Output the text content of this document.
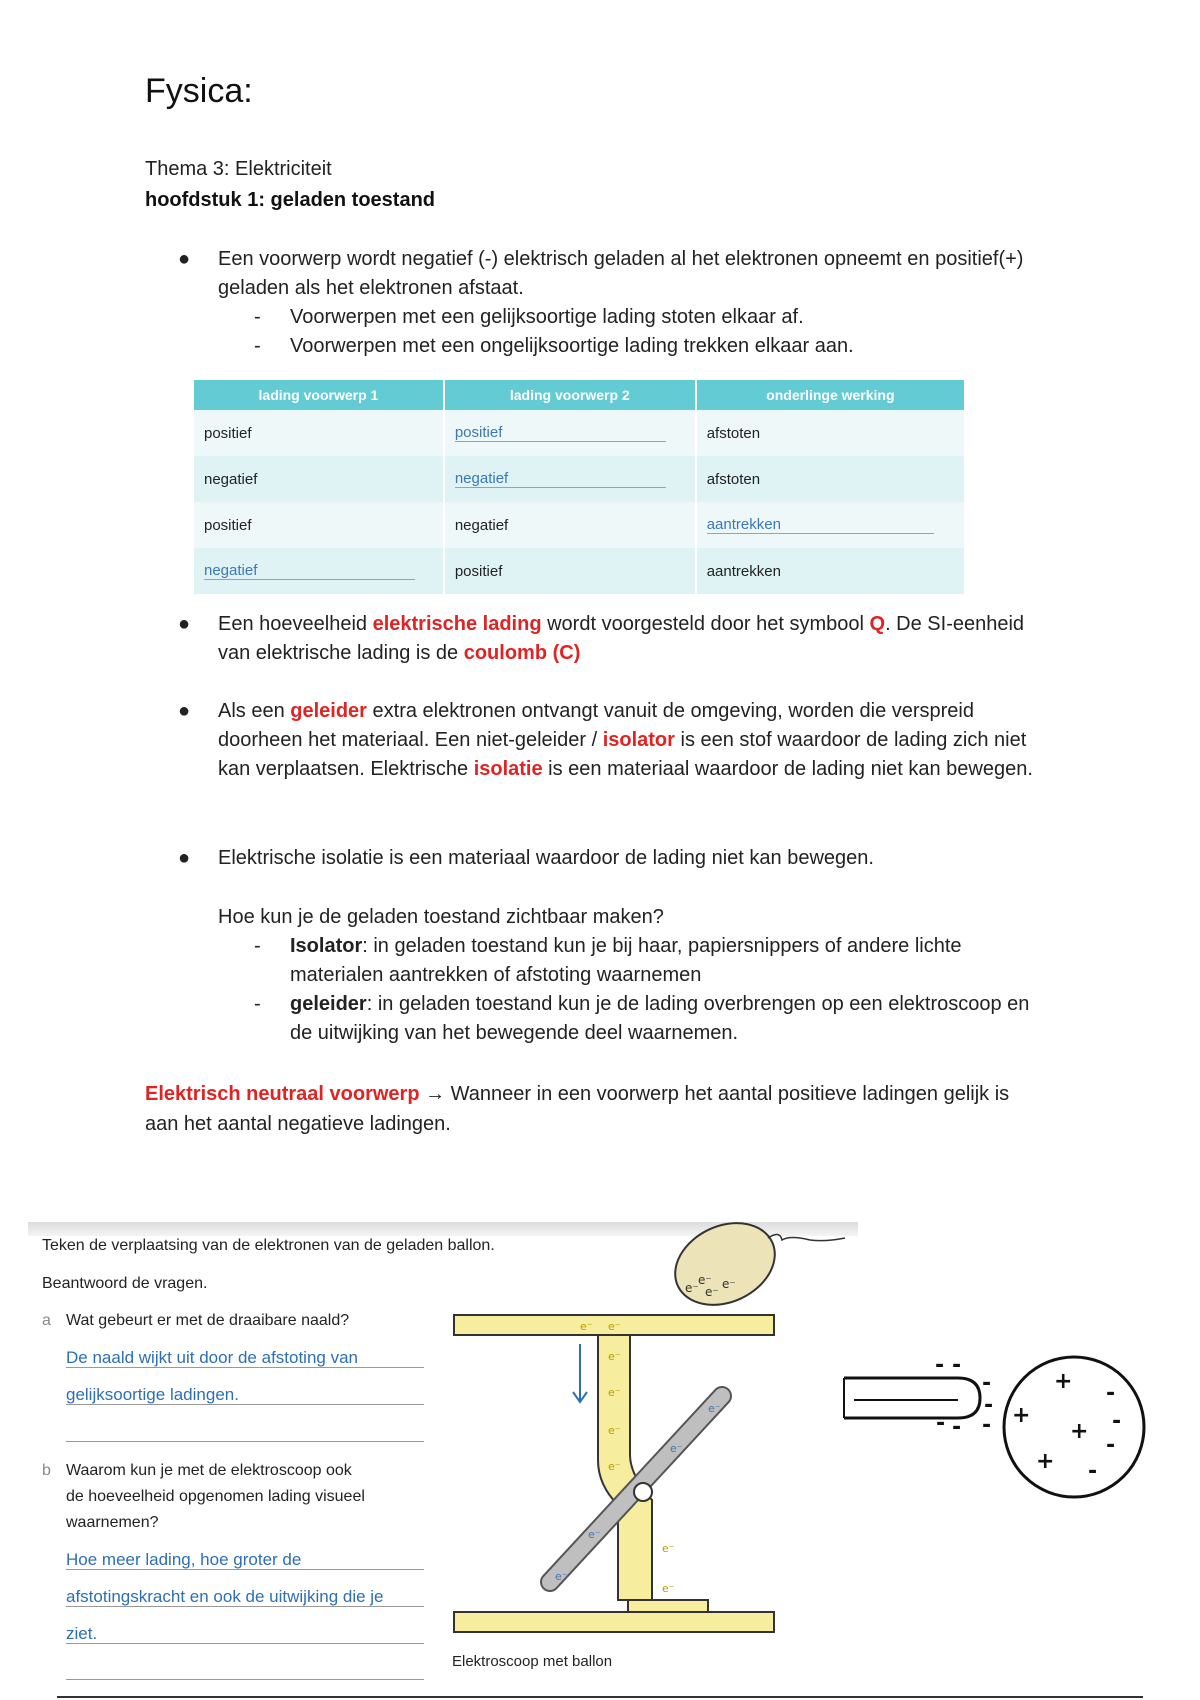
Fysica:
Thema 3: Elektriciteit
hoofdstuk 1: geladen toestand
● Een voorwerp wordt negatief (-) elektrisch geladen al het elektronen opneemt en positief(+) geladen als het elektronen afstaat.
- Voorwerpen met een gelijksoortige lading stoten elkaar af.
- Voorwerpen met een ongelijksoortige lading trekken elkaar aan.
lading voorwerp 1	lading voorwerp 2	onderlinge werking
positief	positief	afstoten
negatief	negatief	afstoten
positief	negatief	aantrekken
negatief	positief	aantrekken
● Een hoeveelheid elektrische lading wordt voorgesteld door het symbool Q. De SI-eenheid van elektrische lading is de coulomb (C)
● Als een geleider extra elektronen ontvangt vanuit de omgeving, worden die verspreid doorheen het materiaal. Een niet-geleider / isolator is een stof waardoor de lading zich niet kan verplaatsen. Elektrische isolatie is een materiaal waardoor de lading niet kan bewegen.
● Elektrische isolatie is een materiaal waardoor de lading niet kan bewegen.
Hoe kun je de geladen toestand zichtbaar maken?
- Isolator: in geladen toestand kun je bij haar, papiersnippers of andere lichte materialen aantrekken of afstoting waarnemen
- geleider: in geladen toestand kun je de lading overbrengen op een elektroscoop en de uitwijking van het bewegende deel waarnemen.
Elektrisch neutraal voorwerp → Wanneer in een voorwerp het aantal positieve ladingen gelijk is aan het aantal negatieve ladingen.
Teken de verplaatsing van de elektronen van de geladen ballon.
Beantwoord de vragen.
a Wat gebeurt er met de draaibare naald?
De naald wijkt uit door de afstoting van
gelijksoortige ladingen.
b Waarom kun je met de elektroscoop ook
de hoeveelheid opgenomen lading visueel
waarnemen?
Hoe meer lading, hoe groter de
afstotingskracht en ook de uitwijking die je
ziet.
e⁻
e⁻
e⁻
e⁻
e⁻ e⁻
e⁻
e⁻
e⁻
e⁻
e⁻
e⁻
e⁻
e⁻
e⁻
e⁻
Elektroscoop met ballon
- -
-
-
-
- -
+
+
+
+
-
-
-
-
